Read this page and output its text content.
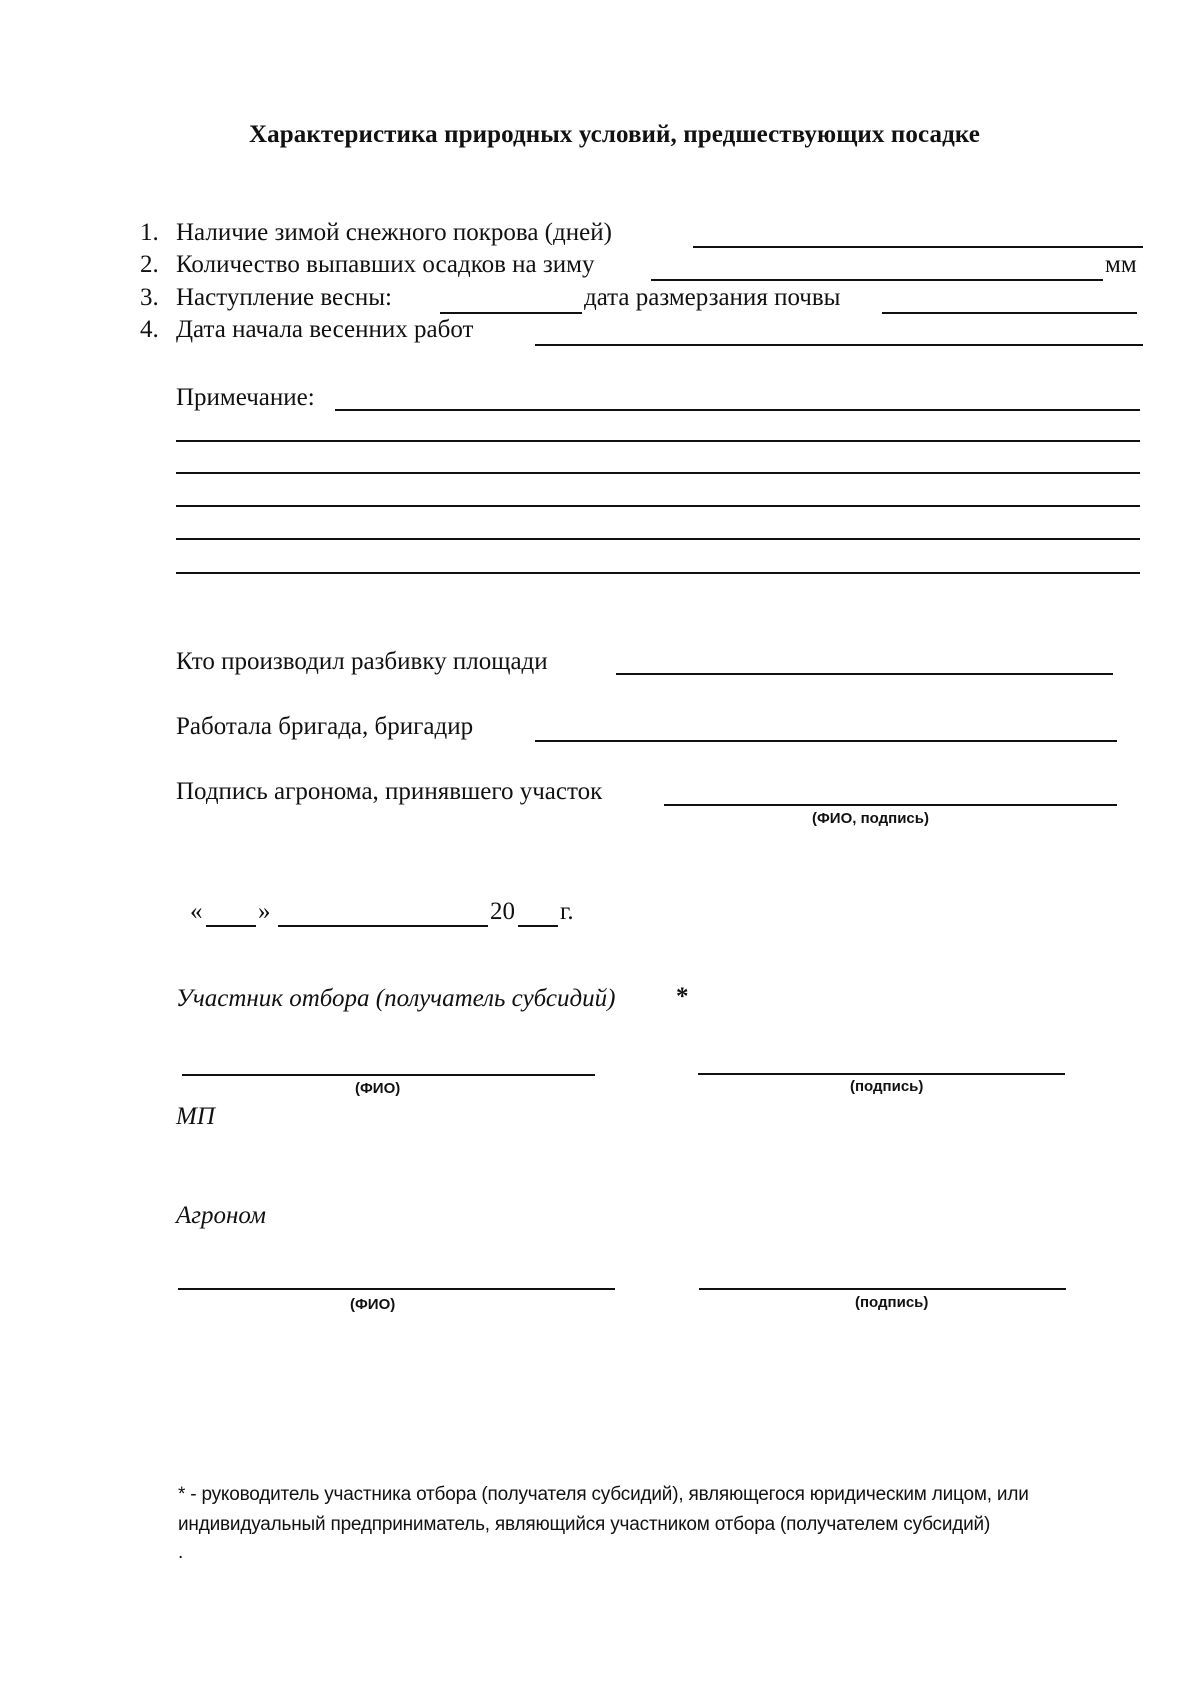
Характеристика природных условий, предшествующих посадке
1. Наличие зимой снежного покрова (дней)
2. Количество выпавших осадков на зиму	мм
3. Наступление весны:	дата размерзания почвы
4. Дата начала весенних работ
Примечание:
Кто производил разбивку площади
Работала бригада, бригадир
Подпись агронома, принявшего участок
(ФИО, подпись)
« »	20 г.
Участник отбора (получатель субсидий) *
(ФИО)	(подпись)
МП
Агроном
(ФИО)	(подпись)
* - руководитель участника отбора (получателя субсидий), являющегося юридическим лицом, или
индивидуальный предприниматель, являющийся участником отбора (получателем субсидий)
.
